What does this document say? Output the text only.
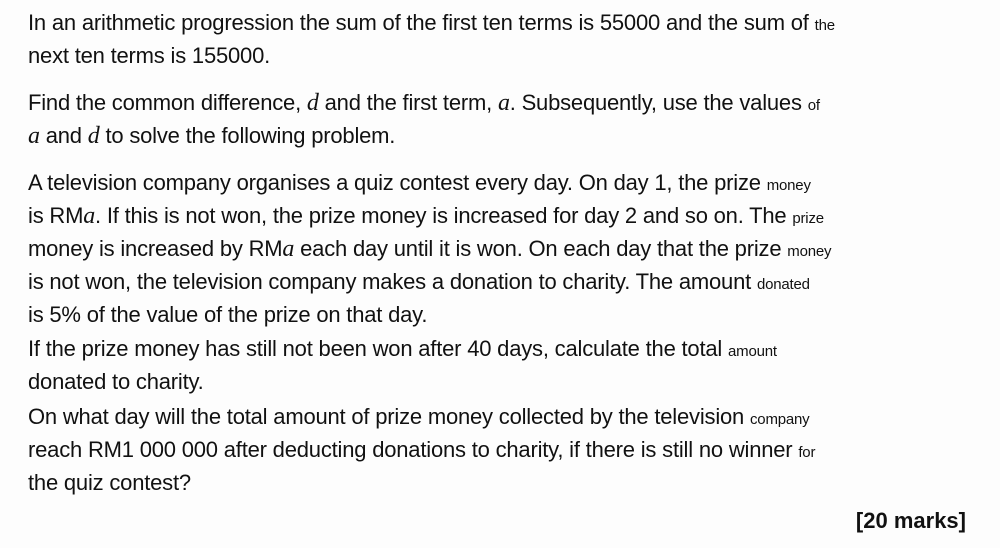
In an arithmetic progression the sum of the first ten terms is 55000 and the sum of the
next ten terms is 155000.
Find the common difference, d and the first term, a. Subsequently, use the values of
a and d to solve the following problem.
A television company organises a quiz contest every day. On day 1, the prize money
is RMa. If this is not won, the prize money is increased for day 2 and so on. The prize
money is increased by RMa each day until it is won. On each day that the prize money
is not won, the television company makes a donation to charity. The amount donated
is 5% of the value of the prize on that day.
If the prize money has still not been won after 40 days, calculate the total amount
donated to charity.
On what day will the total amount of prize money collected by the television company
reach RM1 000 000 after deducting donations to charity, if there is still no winner for
the quiz contest?
[20 marks]
